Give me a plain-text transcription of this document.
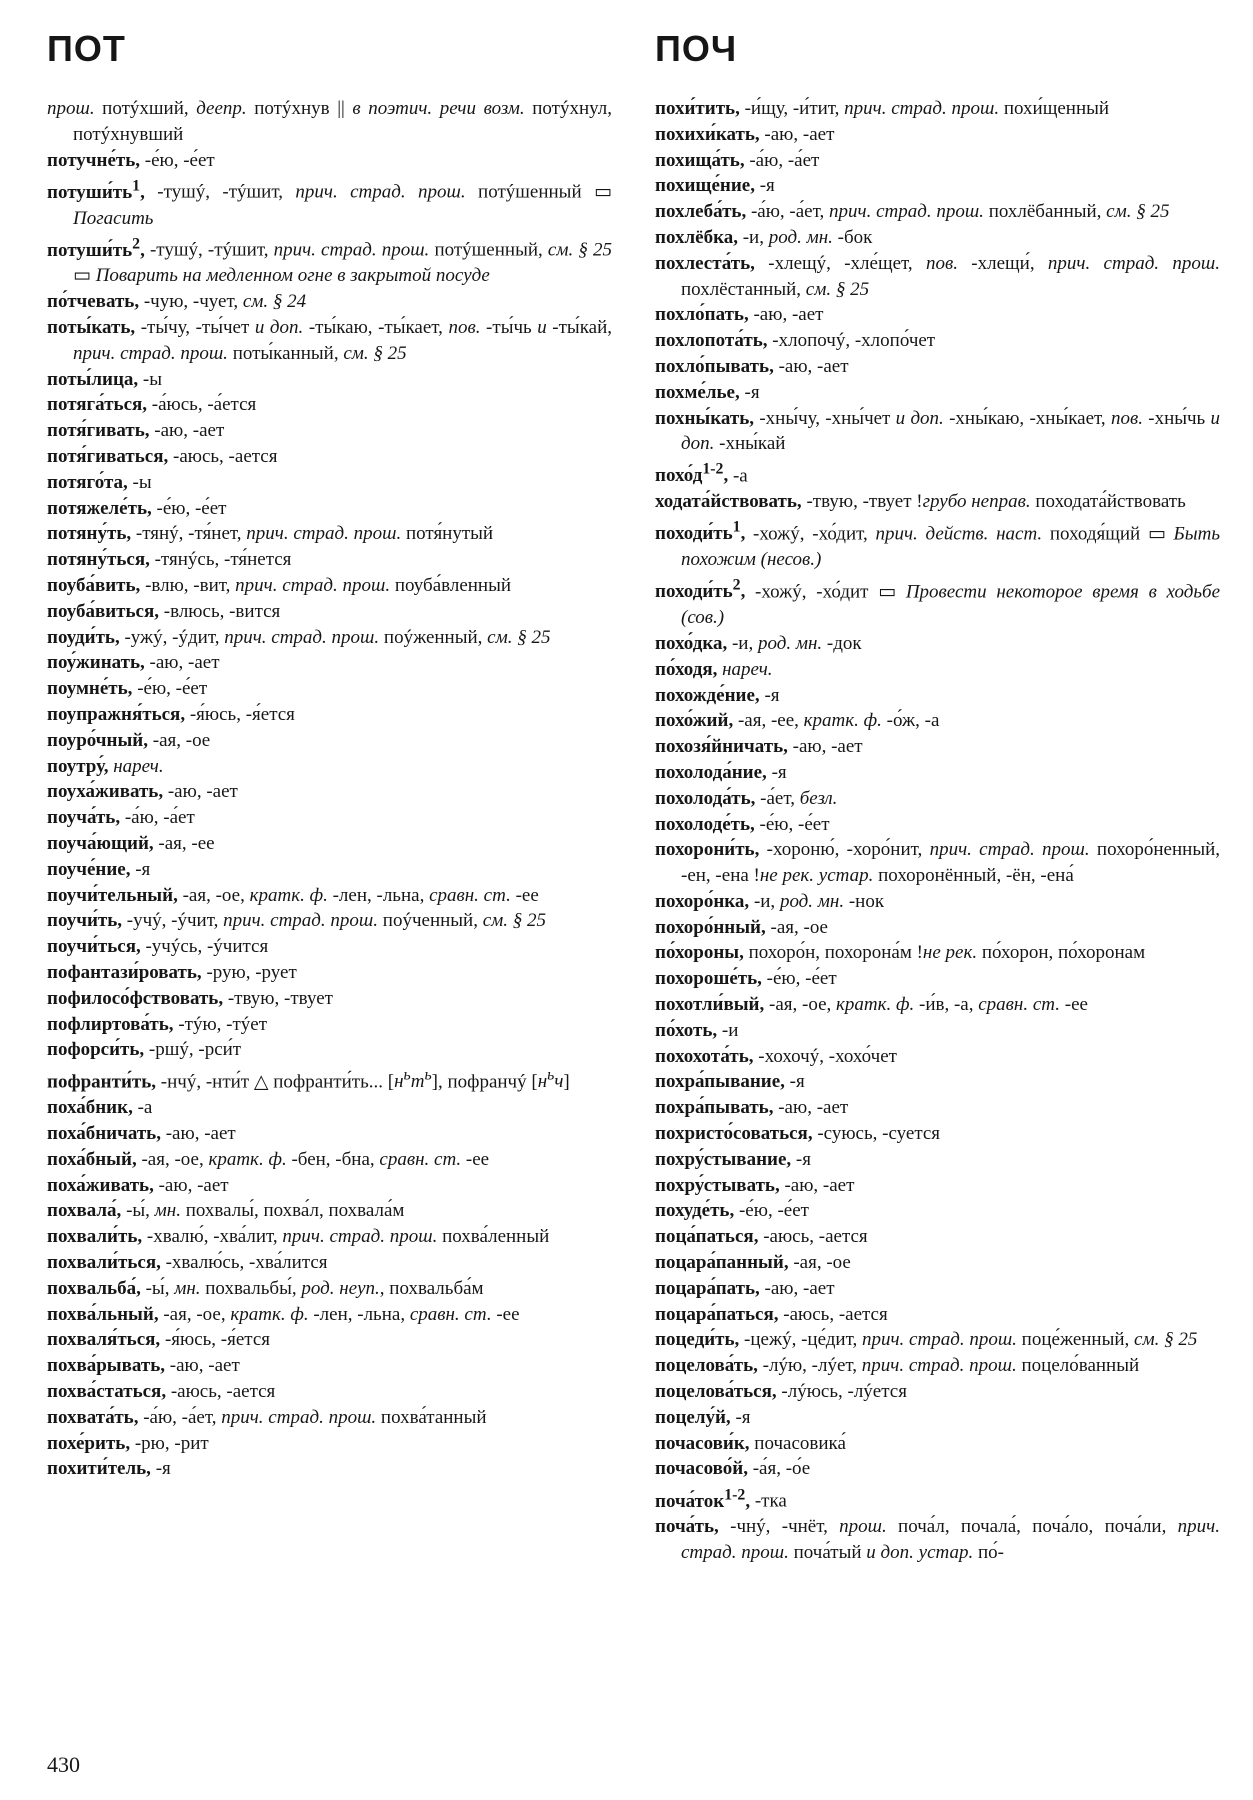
ПОТ	ПОЧ

прош. потýхший, деепр. потýхнув || в поэтич. речи возм. потýхнул, потýхнувший

потучне́ть, -е́ю, -е́ет

$потуши́ть^1$, -тушý, -тýшит, прич. страд. прош. потýшенный ▭ Погасить

$потуши́ть^2$, -тушý, -тýшит, прич. страд. прош. потýшенный, см. § 25 ▭ Поварить на медленном огне в закрытой посуде

по́тчевать, -чую, -чует, см. § 24

поты́кать, -ты́чу, -ты́чет и доп. -ты́каю, -ты́кает, пов. -ты́чь и -ты́кай, прич. страд. прош. поты́канный, см. § 25

поты́лица, -ы

потяга́ться, -а́юсь, -а́ется

потя́гивать, -аю, -ает

потя́гиваться, -аюсь, -ается

потяго́та, -ы

потяжеле́ть, -е́ю, -е́ет

потяну́ть, -тянý, -тя́нет, прич. страд. прош. потя́нутый

потяну́ться, -тянýсь, -тя́нется

поуба́вить, -влю, -вит, прич. страд. прош. поуба́вленный

поуба́виться, -влюсь, -вится

поуди́ть, -ужý, -ýдит, прич. страд. прош. поýженный, см. § 25

поу́жинать, -аю, -ает

поумне́ть, -е́ю, -е́ет

поупражня́ться, -я́юсь, -я́ется

поуро́чный, -ая, -ое

поутру́, нареч.

поуха́живать, -аю, -ает

поуча́ть, -а́ю, -а́ет

поуча́ющий, -ая, -ее

поуче́ние, -я

поучи́тельный, -ая, -ое, кратк. ф. -лен, -льна, сравн. ст. -ее

поучи́ть, -учý, -ýчит, прич. страд. прош. поýченный, см. § 25

поучи́ться, -учýсь, -ýчится

пофантази́ровать, -рую, -рует

пофилосо́фствовать, -твую, -твует

пофлиртова́ть, -тýю, -тýет

пофорси́ть, -ршý, -рси́т

пофранти́ть, -нчý, -нти́т △ пофранти́ть... $[н^ьт^ь]$, пофранчý $[н^ьч]$

поха́бник, -а

поха́бничать, -аю, -ает

поха́бный, -ая, -ое, кратк. ф. -бен, -бна, сравн. ст. -ее

поха́живать, -аю, -ает

похвала́, -ы́, мн. похвалы́, похва́л, похвала́м

похвали́ть, -хвалю́, -хва́лит, прич. страд. прош. похва́ленный

похвали́ться, -хвалю́сь, -хва́лится

похвальба́, -ы́, мн. похвальбы́, род. неуп., похвальба́м

похва́льный, -ая, -ое, кратк. ф. -лен, -льна, сравн. ст. -ее

похваля́ться, -я́юсь, -я́ется

похва́рывать, -аю, -ает

похва́статься, -аюсь, -ается

похвата́ть, -а́ю, -а́ет, прич. страд. прош. похва́танный

похе́рить, -рю, -рит

похити́тель, -я

похи́тить, -и́щу, -и́тит, прич. страд. прош. похи́щенный

похихи́кать, -аю, -ает

похища́ть, -а́ю, -а́ет

похище́ние, -я

похлеба́ть, -а́ю, -а́ет, прич. страд. прош. похлёбанный, см. § 25

похлёбка, -и, род. мн. -бок

похлеста́ть, -хлещý, -хле́щет, пов. -хлещи́, прич. страд. прош. похлёстанный, см. § 25

похло́пать, -аю, -ает

похлопота́ть, -хлопочý, -хлопо́чет

похло́пывать, -аю, -ает

похме́лье, -я

похны́кать, -хны́чу, -хны́чет и доп. -хны́каю, -хны́кает, пов. -хны́чь и доп. -хны́кай

$похо́д^{1-2}$, -а

ходата́йствовать, -твую, -твует !грубо неправ. походата́йствовать

$походи́ть^1$, -хожý, -хо́дит, прич. действ. наст. походя́щий ▭ Быть похожим (несов.)

$походи́ть^2$, -хожý, -хо́дит ▭ Провести некоторое время в ходьбе (сов.)

похо́дка, -и, род. мн. -док

по́ходя, нареч.

похожде́ние, -я

похо́жий, -ая, -ее, кратк. ф. -о́ж, -а

похозя́йничать, -аю, -ает

похолода́ние, -я

похолода́ть, -а́ет, безл.

похолоде́ть, -е́ю, -е́ет

похорони́ть, -хороню́, -хоро́нит, прич. страд. прош. похоро́ненный, -ен, -ена !не рек. устар. похоронённый, -ён, -ена́

похоро́нка, -и, род. мн. -нок

похоро́нный, -ая, -ое

по́хороны, похоро́н, похорона́м !не рек. по́хорон, по́хоронам

похороше́ть, -е́ю, -е́ет

похотли́вый, -ая, -ое, кратк. ф. -и́в, -а, сравн. ст. -ее

по́хоть, -и

похохота́ть, -хохочý, -хохо́чет

похра́пывание, -я

похра́пывать, -аю, -ает

похристо́соваться, -суюсь, -суется

похру́стывание, -я

похру́стывать, -аю, -ает

похуде́ть, -е́ю, -е́ет

поца́паться, -аюсь, -ается

поцара́панный, -ая, -ое

поцара́пать, -аю, -ает

поцара́паться, -аюсь, -ается

поцеди́ть, -цежý, -це́дит, прич. страд. прош. поце́женный, см. § 25

поцелова́ть, -лýю, -лýет, прич. страд. прош. поцело́ванный

поцелова́ться, -лýюсь, -лýется

поцелу́й, -я

почасови́к, почасовика́

почасово́й, -а́я, -о́е

поча́ток$^{1-2}$, -тка

поча́ть, -чнý, -чнёт, прош. поча́л, почала́, поча́ло, поча́ли, прич. страд. прош. поча́тый и доп. устар. по́-

430
